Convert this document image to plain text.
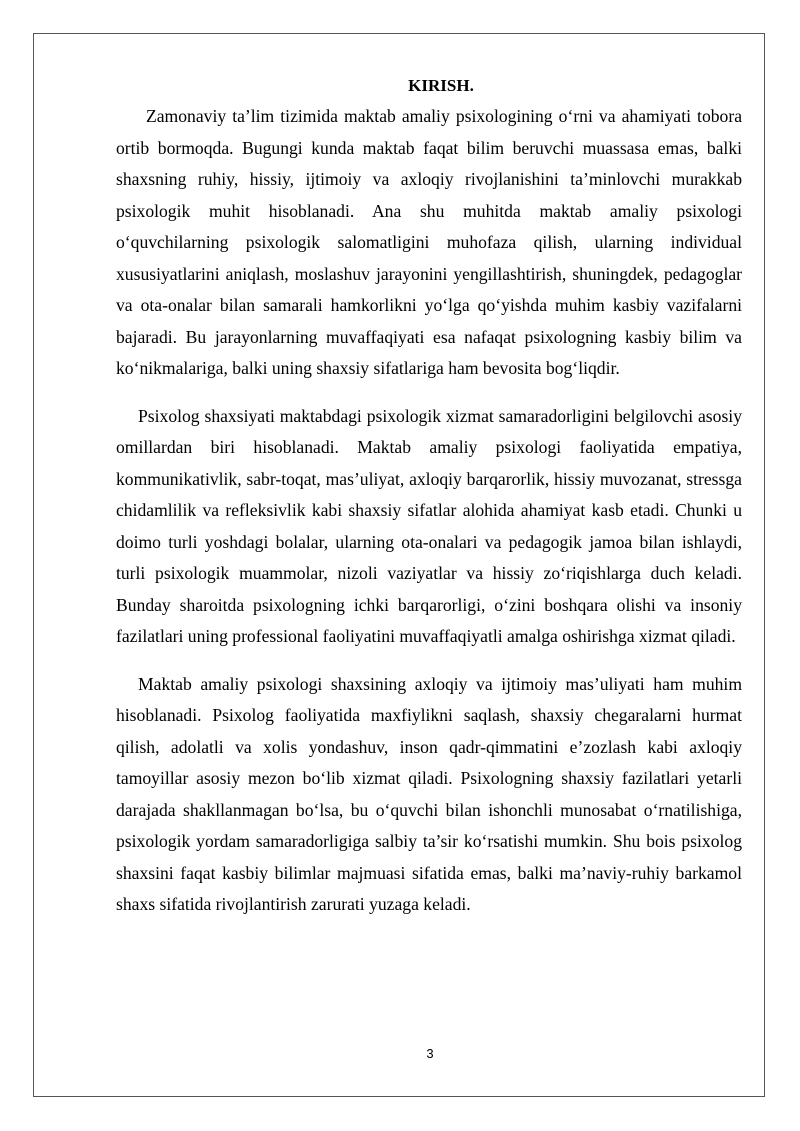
KIRISH.

Zamonaviy ta’lim tizimida maktab amaliy psixologining o‘rni va ahamiyati tobora ortib bormoqda. Bugungi kunda maktab faqat bilim beruvchi muassasa emas, balki shaxsning ruhiy, hissiy, ijtimoiy va axloqiy rivojlanishini ta’minlovchi murakkab psixologik muhit hisoblanadi. Ana shu muhitda maktab amaliy psixologi o‘quvchilarning psixologik salomatligini muhofaza qilish, ularning individual xususiyatlarini aniqlash, moslashuv jarayonini yengillashtirish, shuningdek, pedagoglar va ota-onalar bilan samarali hamkorlikni yo‘lga qo‘yishda muhim kasbiy vazifalarni bajaradi. Bu jarayonlarning muvaffaqiyati esa nafaqat psixologning kasbiy bilim va ko‘nikmalariga, balki uning shaxsiy sifatlariga ham bevosita bog‘liqdir.

Psixolog shaxsiyati maktabdagi psixologik xizmat samaradorligini belgilovchi asosiy omillardan biri hisoblanadi. Maktab amaliy psixologi faoliyatida empatiya, kommunikativlik, sabr-toqat, mas’uliyat, axloqiy barqarorlik, hissiy muvozanat, stressga chidamlilik va refleksivlik kabi shaxsiy sifatlar alohida ahamiyat kasb etadi. Chunki u doimo turli yoshdagi bolalar, ularning ota-onalari va pedagogik jamoa bilan ishlaydi, turli psixologik muammolar, nizoli vaziyatlar va hissiy zo‘riqishlarga duch keladi. Bunday sharoitda psixologning ichki barqarorligi, o‘zini boshqara olishi va insoniy fazilatlari uning professional faoliyatini muvaffaqiyatli amalga oshirishga xizmat qiladi.

Maktab amaliy psixologi shaxsining axloqiy va ijtimoiy mas’uliyati ham muhim hisoblanadi. Psixolog faoliyatida maxfiylikni saqlash, shaxsiy chegaralarni hurmat qilish, adolatli va xolis yondashuv, inson qadr-qimmatini e’zozlash kabi axloqiy tamoyillar asosiy mezon bo‘lib xizmat qiladi. Psixologning shaxsiy fazilatlari yetarli darajada shakllanmagan bo‘lsa, bu o‘quvchi bilan ishonchli munosabat o‘rnatilishiga, psixologik yordam samaradorligiga salbiy ta’sir ko‘rsatishi mumkin. Shu bois psixolog shaxsini faqat kasbiy bilimlar majmuasi sifatida emas, balki ma’naviy-ruhiy barkamol shaxs sifatida rivojlantirish zarurati yuzaga keladi.

3
